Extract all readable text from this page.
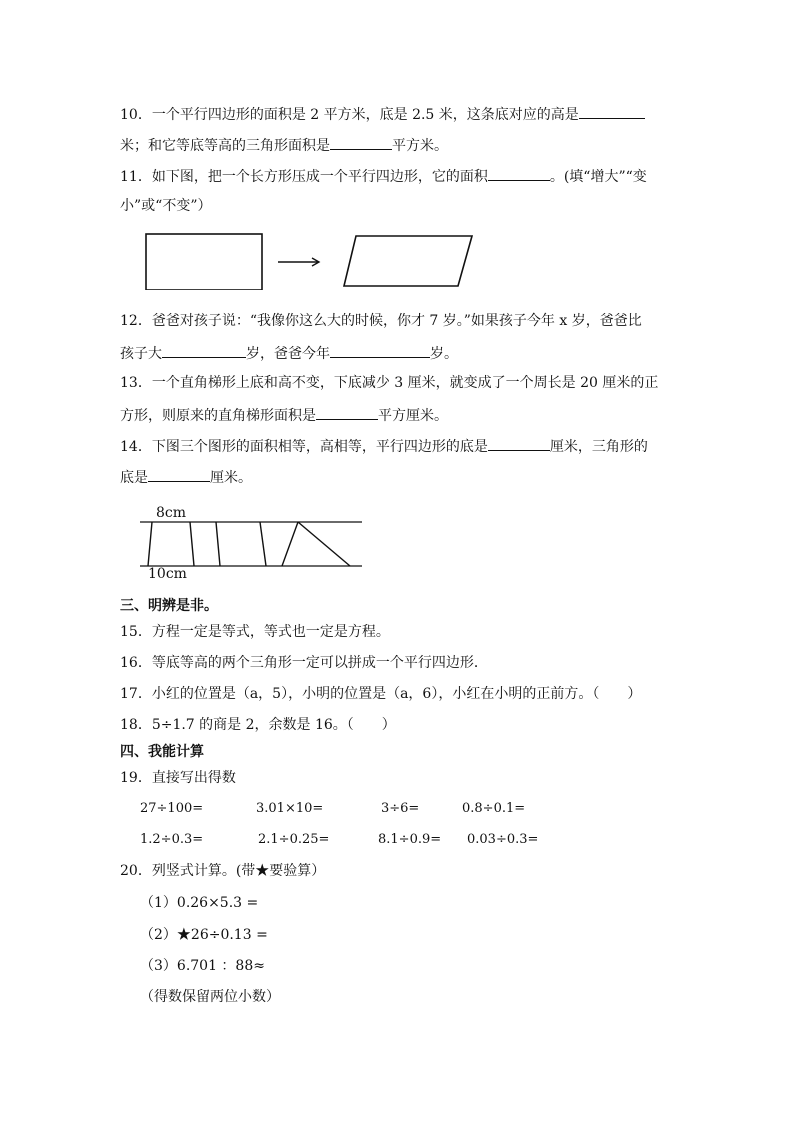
10．一个平行四边形的面积是 2 平方米，底是 2.5 米，这条底对应的高是
米；和它等底等高的三角形面积是	平方米。
11．如下图，把一个长方形压成一个平行四边形，它的面积	。(填“增大”“变
小”或“不变”）
12．爸爸对孩子说：“我像你这么大的时候，你才 7 岁。”如果孩子今年 x 岁，爸爸比
孩子大	岁，爸爸今年	岁。
13．一个直角梯形上底和高不变，下底减少 3 厘米，就变成了一个周长是 20 厘米的正
方形，则原来的直角梯形面积是	平方厘米。
14．下图三个图形的面积相等，高相等，平行四边形的底是	厘米，三角形的
底是	厘米。
8cm
10cm
三、明辨是非。
15．方程一定是等式，等式也一定是方程。
16．等底等高的两个三角形一定可以拼成一个平行四边形．
17．小红的位置是（a，5），小明的位置是（a，6），小红在小明的正前方。（　　）
18．5÷1.7 的商是 2，余数是 16。（　　）
四、我能计算
19．直接写出得数
27÷100=	3.01×10=	3÷6=	0.8÷0.1=
1.2÷0.3=	2.1÷0.25=	8.1÷0.9= 0.03÷0.3=
20．列竖式计算。(带★要验算）
（1）0.26×5.3 =
（2）★26÷0.13 =
（3）6.701 ：88≈
（得数保留两位小数）
